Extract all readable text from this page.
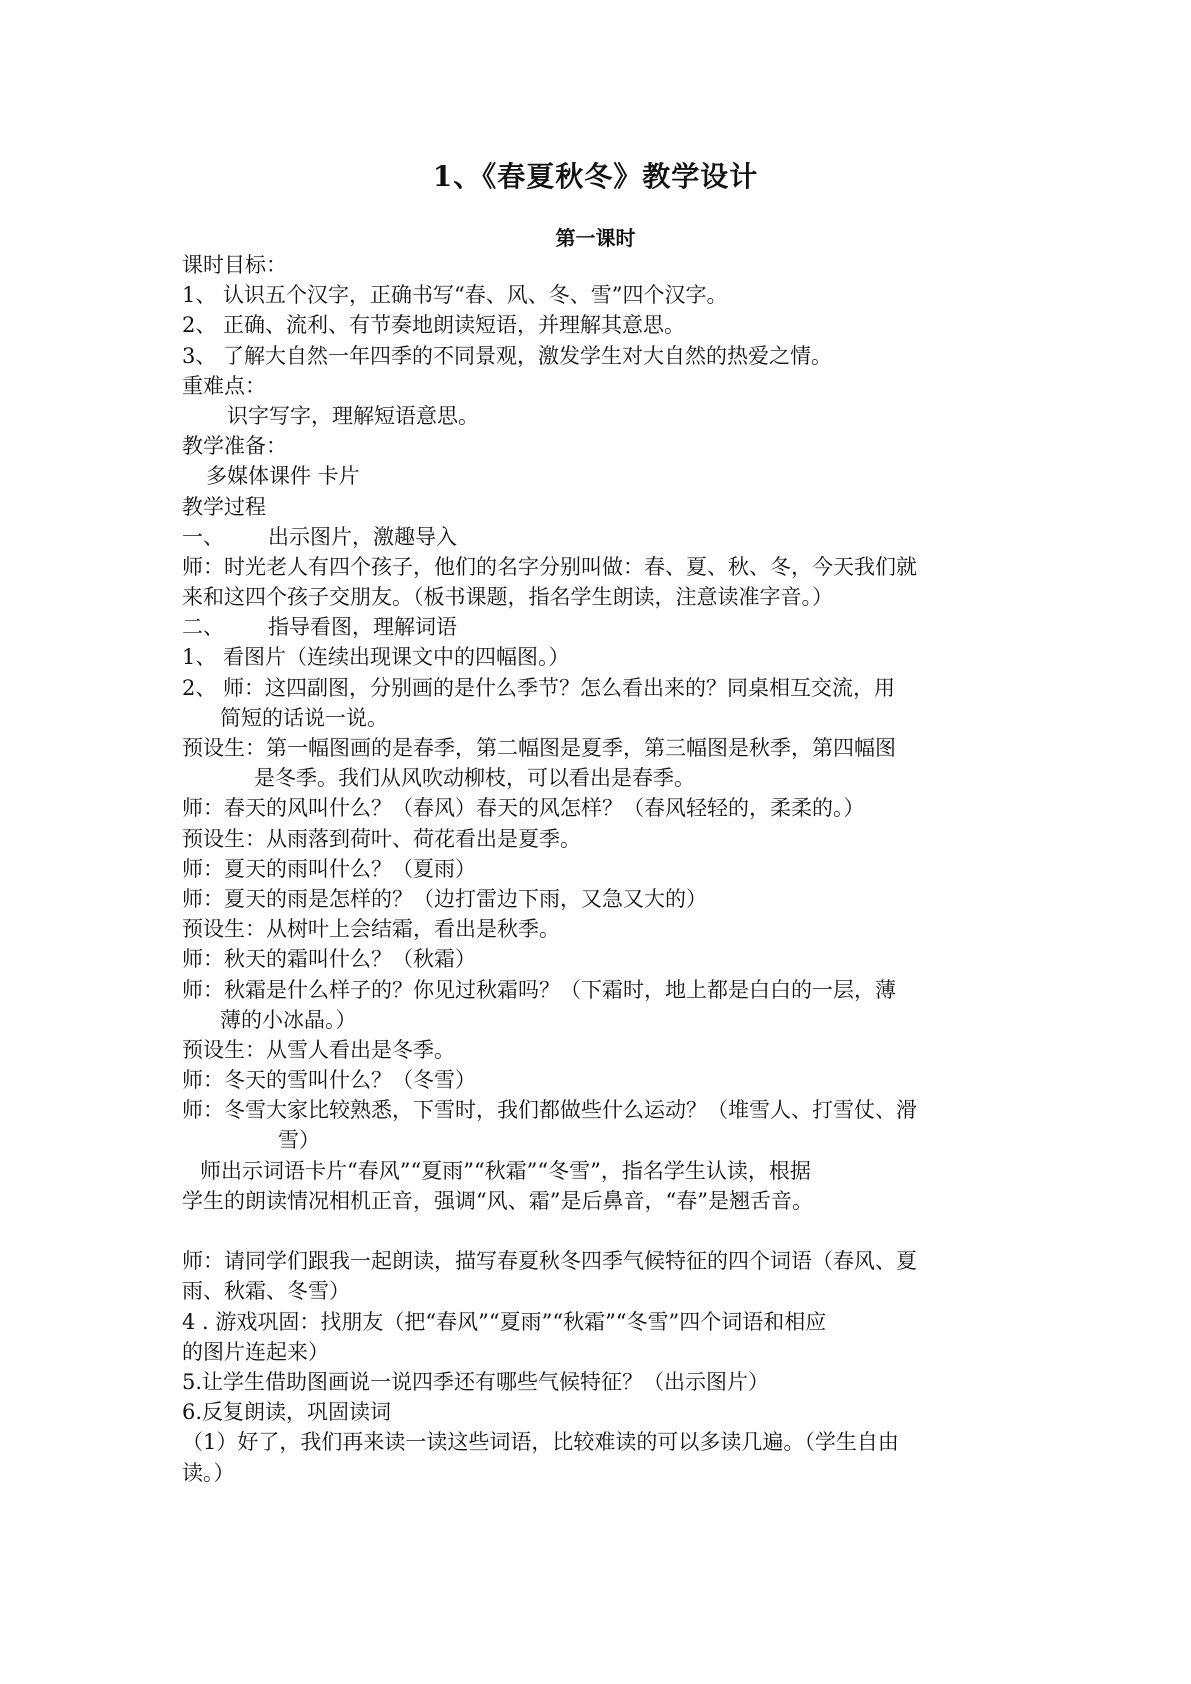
1、《春夏秋冬》教学设计
第一课时
课时目标：
1、 认识五个汉字，正确书写“春、风、冬、雪”四个汉字。
2、 正确、流利、有节奏地朗读短语，并理解其意思。
3、 了解大自然一年四季的不同景观，激发学生对大自然的热爱之情。
重难点：
识字写字，理解短语意思。
教学准备：
多媒体课件 卡片
教学过程
一、 出示图片，激趣导入
师：时光老人有四个孩子，他们的名字分别叫做：春、夏、秋、冬，今天我们就
来和这四个孩子交朋友。（板书课题，指名学生朗读，注意读准字音。）
二、 指导看图，理解词语
1、 看图片（连续出现课文中的四幅图。）
2、 师：这四副图，分别画的是什么季节？怎么看出来的？同桌相互交流，用
简短的话说一说。
预设生：第一幅图画的是春季，第二幅图是夏季，第三幅图是秋季，第四幅图
是冬季。我们从风吹动柳枝，可以看出是春季。
师：春天的风叫什么？（春风）春天的风怎样？（春风轻轻的，柔柔的。）
预设生：从雨落到荷叶、荷花看出是夏季。
师：夏天的雨叫什么？（夏雨）
师：夏天的雨是怎样的？（边打雷边下雨，又急又大的）
预设生：从树叶上会结霜，看出是秋季。
师：秋天的霜叫什么？（秋霜）
师：秋霜是什么样子的？你见过秋霜吗？（下霜时，地上都是白白的一层，薄
薄的小冰晶。）
预设生：从雪人看出是冬季。
师：冬天的雪叫什么？（冬雪）
师：冬雪大家比较熟悉，下雪时，我们都做些什么运动？（堆雪人、打雪仗、滑
雪）
师出示词语卡片“春风”“夏雨”“秋霜”“冬雪”，指名学生认读，根据
学生的朗读情况相机正音，强调“风、霜”是后鼻音，“春”是翘舌音。
师：请同学们跟我一起朗读，描写春夏秋冬四季气候特征的四个词语（春风、夏
雨、秋霜、冬雪）
4 . 游戏巩固：找朋友（把“春风”“夏雨”“秋霜”“冬雪”四个词语和相应
的图片连起来）
5.让学生借助图画说一说四季还有哪些气候特征？（出示图片）
6.反复朗读，巩固读词
（1）好了，我们再来读一读这些词语，比较难读的可以多读几遍。（学生自由
读。）
